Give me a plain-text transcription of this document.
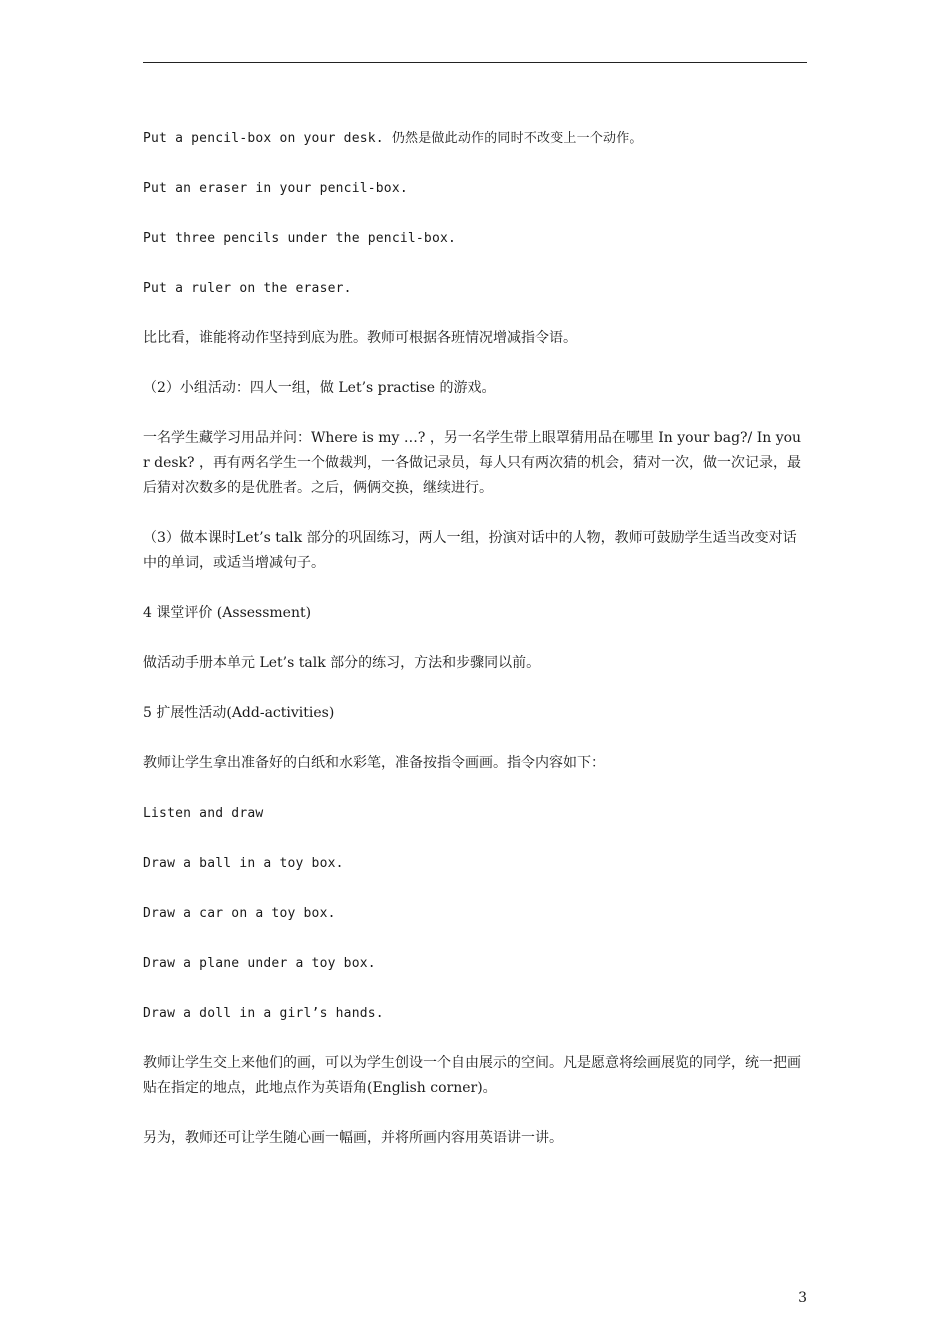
Put a pencil-box on your desk. 仍然是做此动作的同时不改变上一个动作。

Put an eraser in your pencil-box.

Put three pencils under the pencil-box.

Put a ruler on the eraser.

比比看，谁能将动作坚持到底为胜。教师可根据各班情况增减指令语。

（2）小组活动：四人一组，做 Let’s practise 的游戏。

一名学生藏学习用品并问：Where is my …? ，另一名学生带上眼罩猜用品在哪里 In your bag?/ In your desk? ，再有两名学生一个做裁判，一各做记录员，每人只有两次猜的机会，猜对一次，做一次记录，最后猜对次数多的是优胜者。之后，俩俩交换，继续进行。

（3）做本课时Let’s talk 部分的巩固练习，两人一组，扮演对话中的人物，教师可鼓励学生适当改变对话中的单词，或适当增减句子。

4 课堂评价 (Assessment)

做活动手册本单元 Let’s talk 部分的练习，方法和步骤同以前。

5 扩展性活动(Add-activities)

教师让学生拿出准备好的白纸和水彩笔，准备按指令画画。指令内容如下：

Listen and draw

Draw a ball in a toy box.

Draw a car on a toy box.

Draw a plane under a toy box.

Draw a doll in a girl’s hands.

教师让学生交上来他们的画，可以为学生创设一个自由展示的空间。凡是愿意将绘画展览的同学，统一把画贴在指定的地点，此地点作为英语角(English corner)。

另为，教师还可让学生随心画一幅画，并将所画内容用英语讲一讲。

3
